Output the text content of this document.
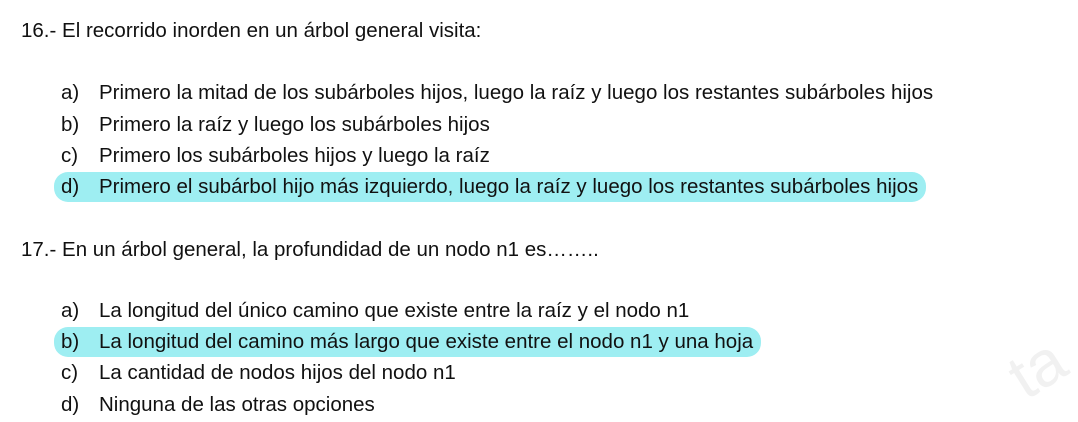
16.- El recorrido inorden en un árbol general visita:
a) Primero la mitad de los subárboles hijos, luego la raíz y luego los restantes subárboles hijos
b) Primero la raíz y luego los subárboles hijos
c) Primero los subárboles hijos y luego la raíz
d) Primero el subárbol hijo más izquierdo, luego la raíz y luego los restantes subárboles hijos
17.- En un árbol general, la profundidad de un nodo n1 es……..
a) La longitud del único camino que existe entre la raíz y el nodo n1
b) La longitud del camino más largo que existe entre el nodo n1 y una hoja
c) La cantidad de nodos hijos del nodo n1
d) Ninguna de las otras opciones	ta
